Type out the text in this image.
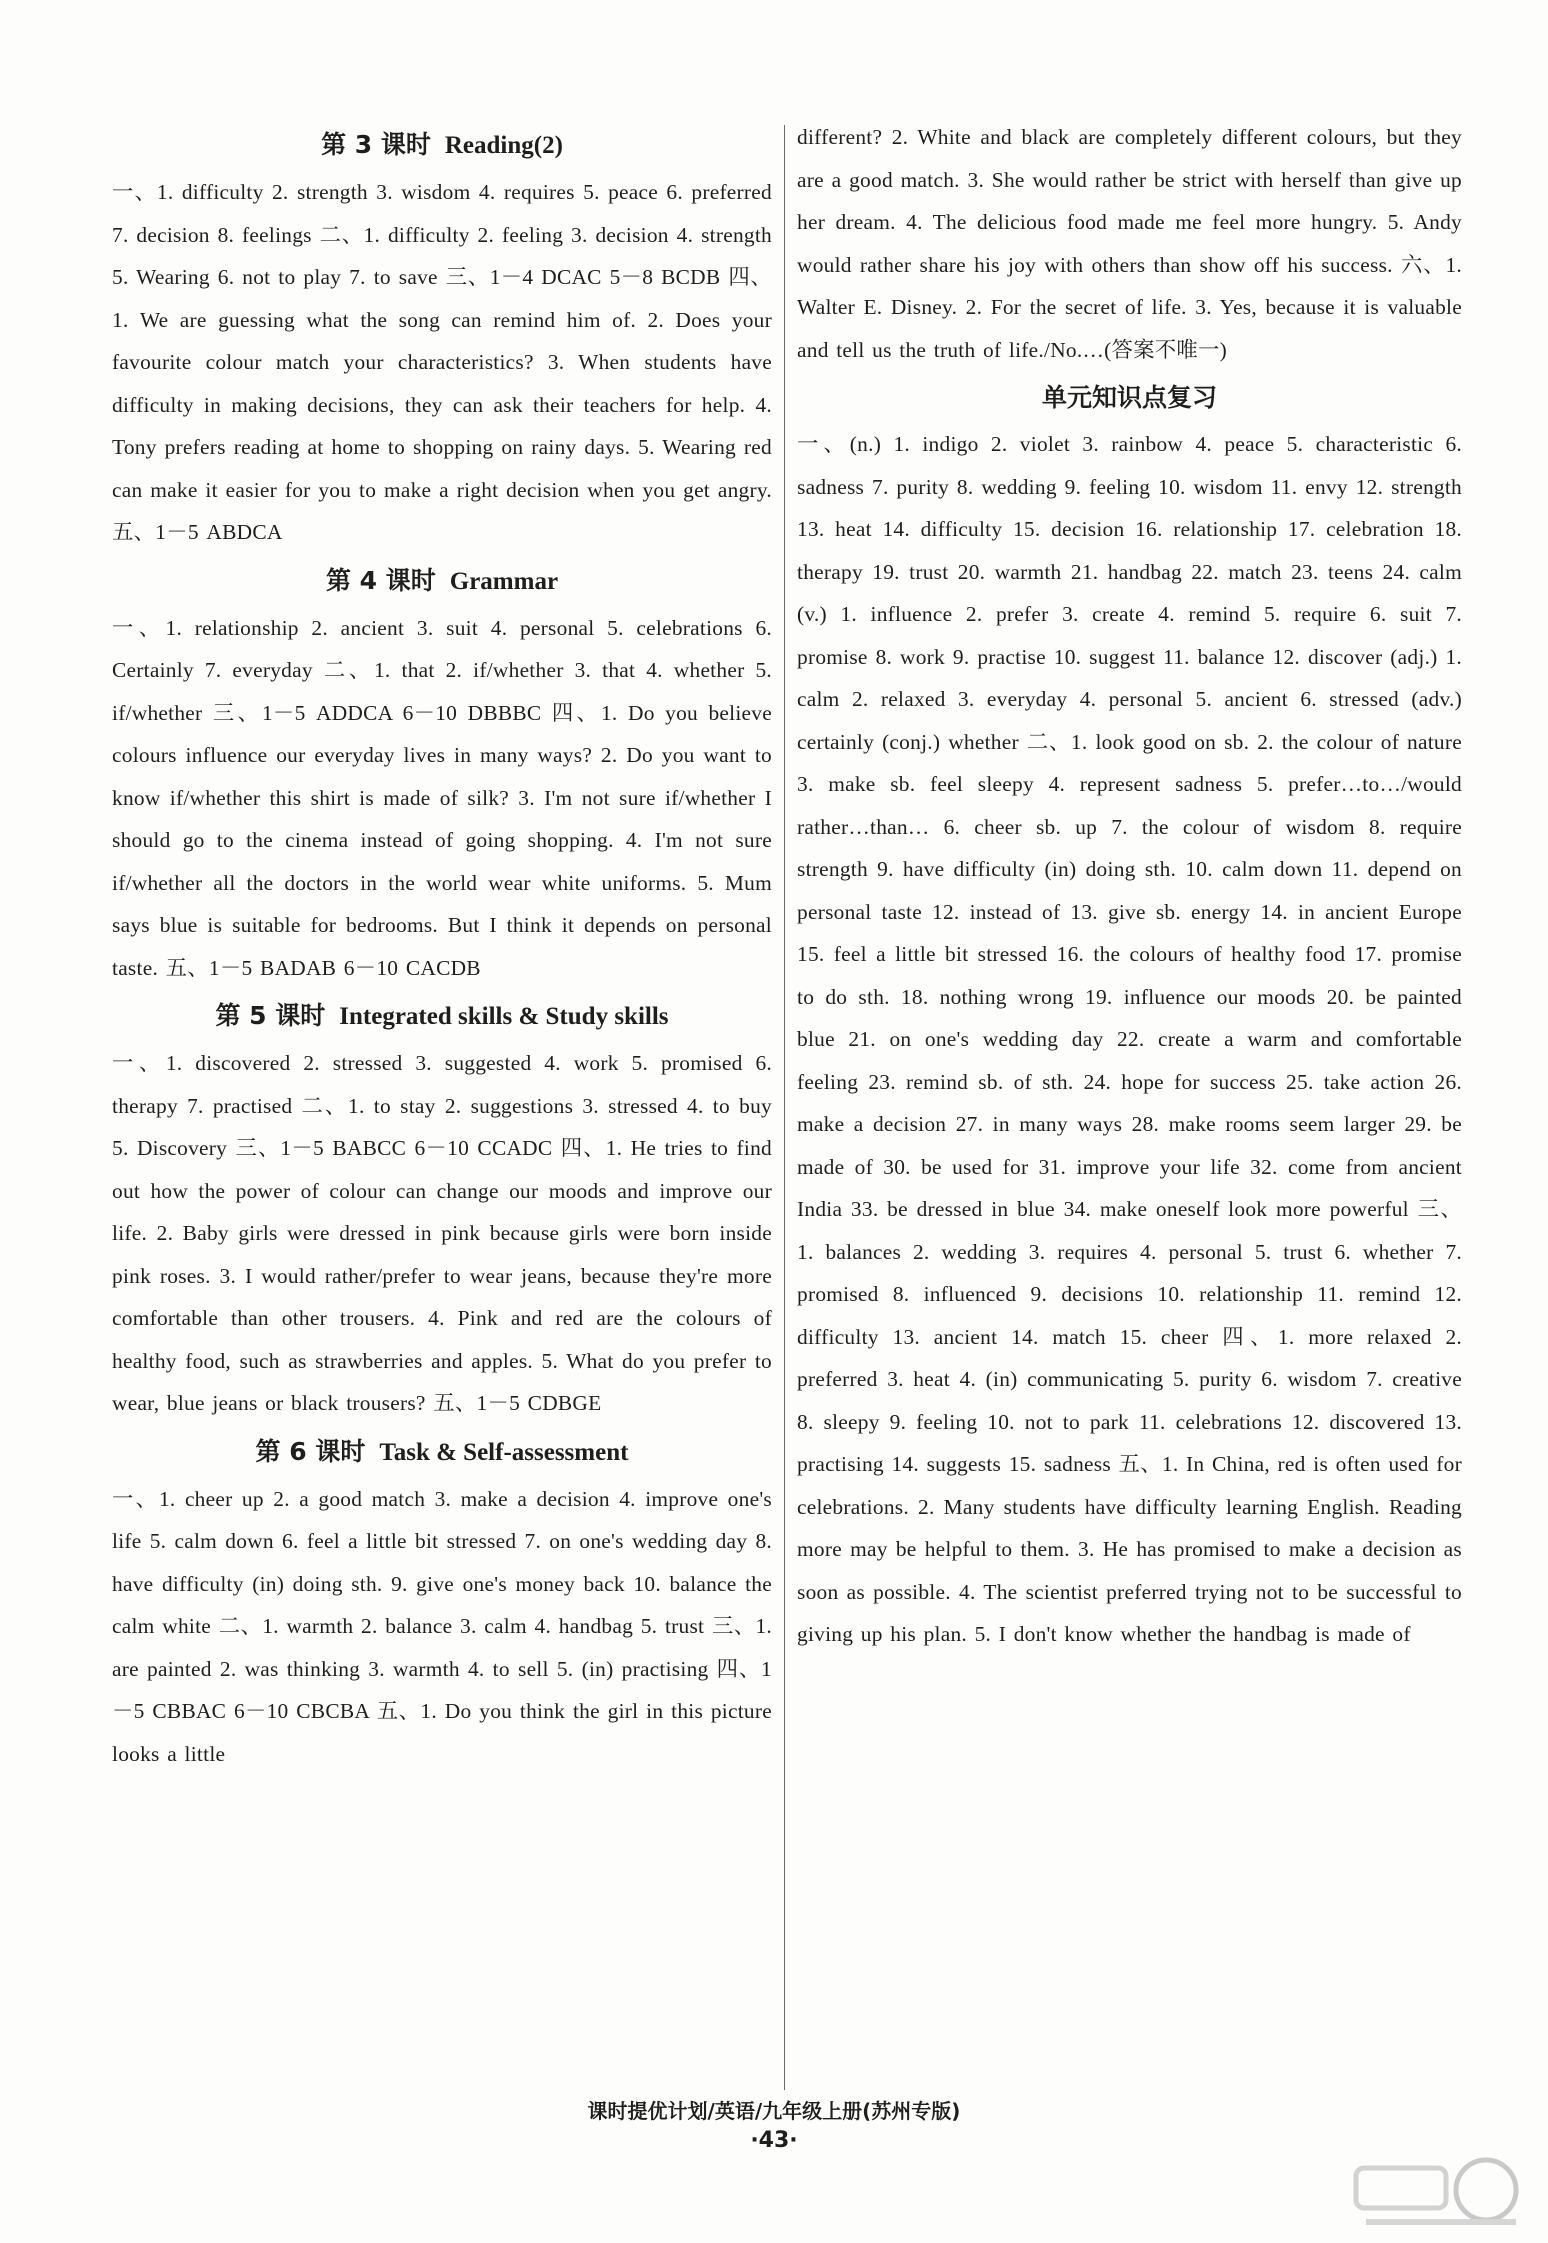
第 3 课时 Reading(2)
一、1. difficulty 2. strength 3. wisdom 4. requires 5. peace 6. preferred 7. decision 8. feelings 二、1. difficulty 2. feeling 3. decision 4. strength 5. Wearing 6. not to play 7. to save 三、1－4 DCAC 5－8 BCDB 四、1. We are guessing what the song can remind him of. 2. Does your favourite colour match your characteristics? 3. When students have difficulty in making decisions, they can ask their teachers for help. 4. Tony prefers reading at home to shopping on rainy days. 5. Wearing red can make it easier for you to make a right decision when you get angry. 五、1－5 ABDCA
第 4 课时 Grammar
一、1. relationship 2. ancient 3. suit 4. personal 5. celebrations 6. Certainly 7. everyday 二、1. that 2. if/whether 3. that 4. whether 5. if/whether 三、1－5 ADDCA 6－10 DBBBC 四、1. Do you believe colours influence our everyday lives in many ways? 2. Do you want to know if/whether this shirt is made of silk? 3. I'm not sure if/whether I should go to the cinema instead of going shopping. 4. I'm not sure if/whether all the doctors in the world wear white uniforms. 5. Mum says blue is suitable for bedrooms. But I think it depends on personal taste. 五、1－5 BADAB 6－10 CACDB
第 5 课时 Integrated skills & Study skills
一、1. discovered 2. stressed 3. suggested 4. work 5. promised 6. therapy 7. practised 二、1. to stay 2. suggestions 3. stressed 4. to buy 5. Discovery 三、1－5 BABCC 6－10 CCADC 四、1. He tries to find out how the power of colour can change our moods and improve our life. 2. Baby girls were dressed in pink because girls were born inside pink roses. 3. I would rather/prefer to wear jeans, because they're more comfortable than other trousers. 4. Pink and red are the colours of healthy food, such as strawberries and apples. 5. What do you prefer to wear, blue jeans or black trousers? 五、1－5 CDBGE
第 6 课时 Task & Self-assessment
一、1. cheer up 2. a good match 3. make a decision 4. improve one's life 5. calm down 6. feel a little bit stressed 7. on one's wedding day 8. have difficulty (in) doing sth. 9. give one's money back 10. balance the calm white 二、1. warmth 2. balance 3. calm 4. handbag 5. trust 三、1. are painted 2. was thinking 3. warmth 4. to sell 5. (in) practising 四、1－5 CBBAC 6－10 CBCBA 五、1. Do you think the girl in this picture looks a little
different? 2. White and black are completely different colours, but they are a good match. 3. She would rather be strict with herself than give up her dream. 4. The delicious food made me feel more hungry. 5. Andy would rather share his joy with others than show off his success. 六、1. Walter E. Disney. 2. For the secret of life. 3. Yes, because it is valuable and tell us the truth of life./No.…(答案不唯一)
单元知识点复习
一、(n.) 1. indigo 2. violet 3. rainbow 4. peace 5. characteristic 6. sadness 7. purity 8. wedding 9. feeling 10. wisdom 11. envy 12. strength 13. heat 14. difficulty 15. decision 16. relationship 17. celebration 18. therapy 19. trust 20. warmth 21. handbag 22. match 23. teens 24. calm (v.) 1. influence 2. prefer 3. create 4. remind 5. require 6. suit 7. promise 8. work 9. practise 10. suggest 11. balance 12. discover (adj.) 1. calm 2. relaxed 3. everyday 4. personal 5. ancient 6. stressed (adv.) certainly (conj.) whether 二、1. look good on sb. 2. the colour of nature 3. make sb. feel sleepy 4. represent sadness 5. prefer…to…/would rather…than… 6. cheer sb. up 7. the colour of wisdom 8. require strength 9. have difficulty (in) doing sth. 10. calm down 11. depend on personal taste 12. instead of 13. give sb. energy 14. in ancient Europe 15. feel a little bit stressed 16. the colours of healthy food 17. promise to do sth. 18. nothing wrong 19. influence our moods 20. be painted blue 21. on one's wedding day 22. create a warm and comfortable feeling 23. remind sb. of sth. 24. hope for success 25. take action 26. make a decision 27. in many ways 28. make rooms seem larger 29. be made of 30. be used for 31. improve your life 32. come from ancient India 33. be dressed in blue 34. make oneself look more powerful 三、1. balances 2. wedding 3. requires 4. personal 5. trust 6. whether 7. promised 8. influenced 9. decisions 10. relationship 11. remind 12. difficulty 13. ancient 14. match 15. cheer 四、1. more relaxed 2. preferred 3. heat 4. (in) communicating 5. purity 6. wisdom 7. creative 8. sleepy 9. feeling 10. not to park 11. celebrations 12. discovered 13. practising 14. suggests 15. sadness 五、1. In China, red is often used for celebrations. 2. Many students have difficulty learning English. Reading more may be helpful to them. 3. He has promised to make a decision as soon as possible. 4. The scientist preferred trying not to be successful to giving up his plan. 5. I don't know whether the handbag is made of
课时提优计划/英语/九年级上册(苏州专版)
·43·
